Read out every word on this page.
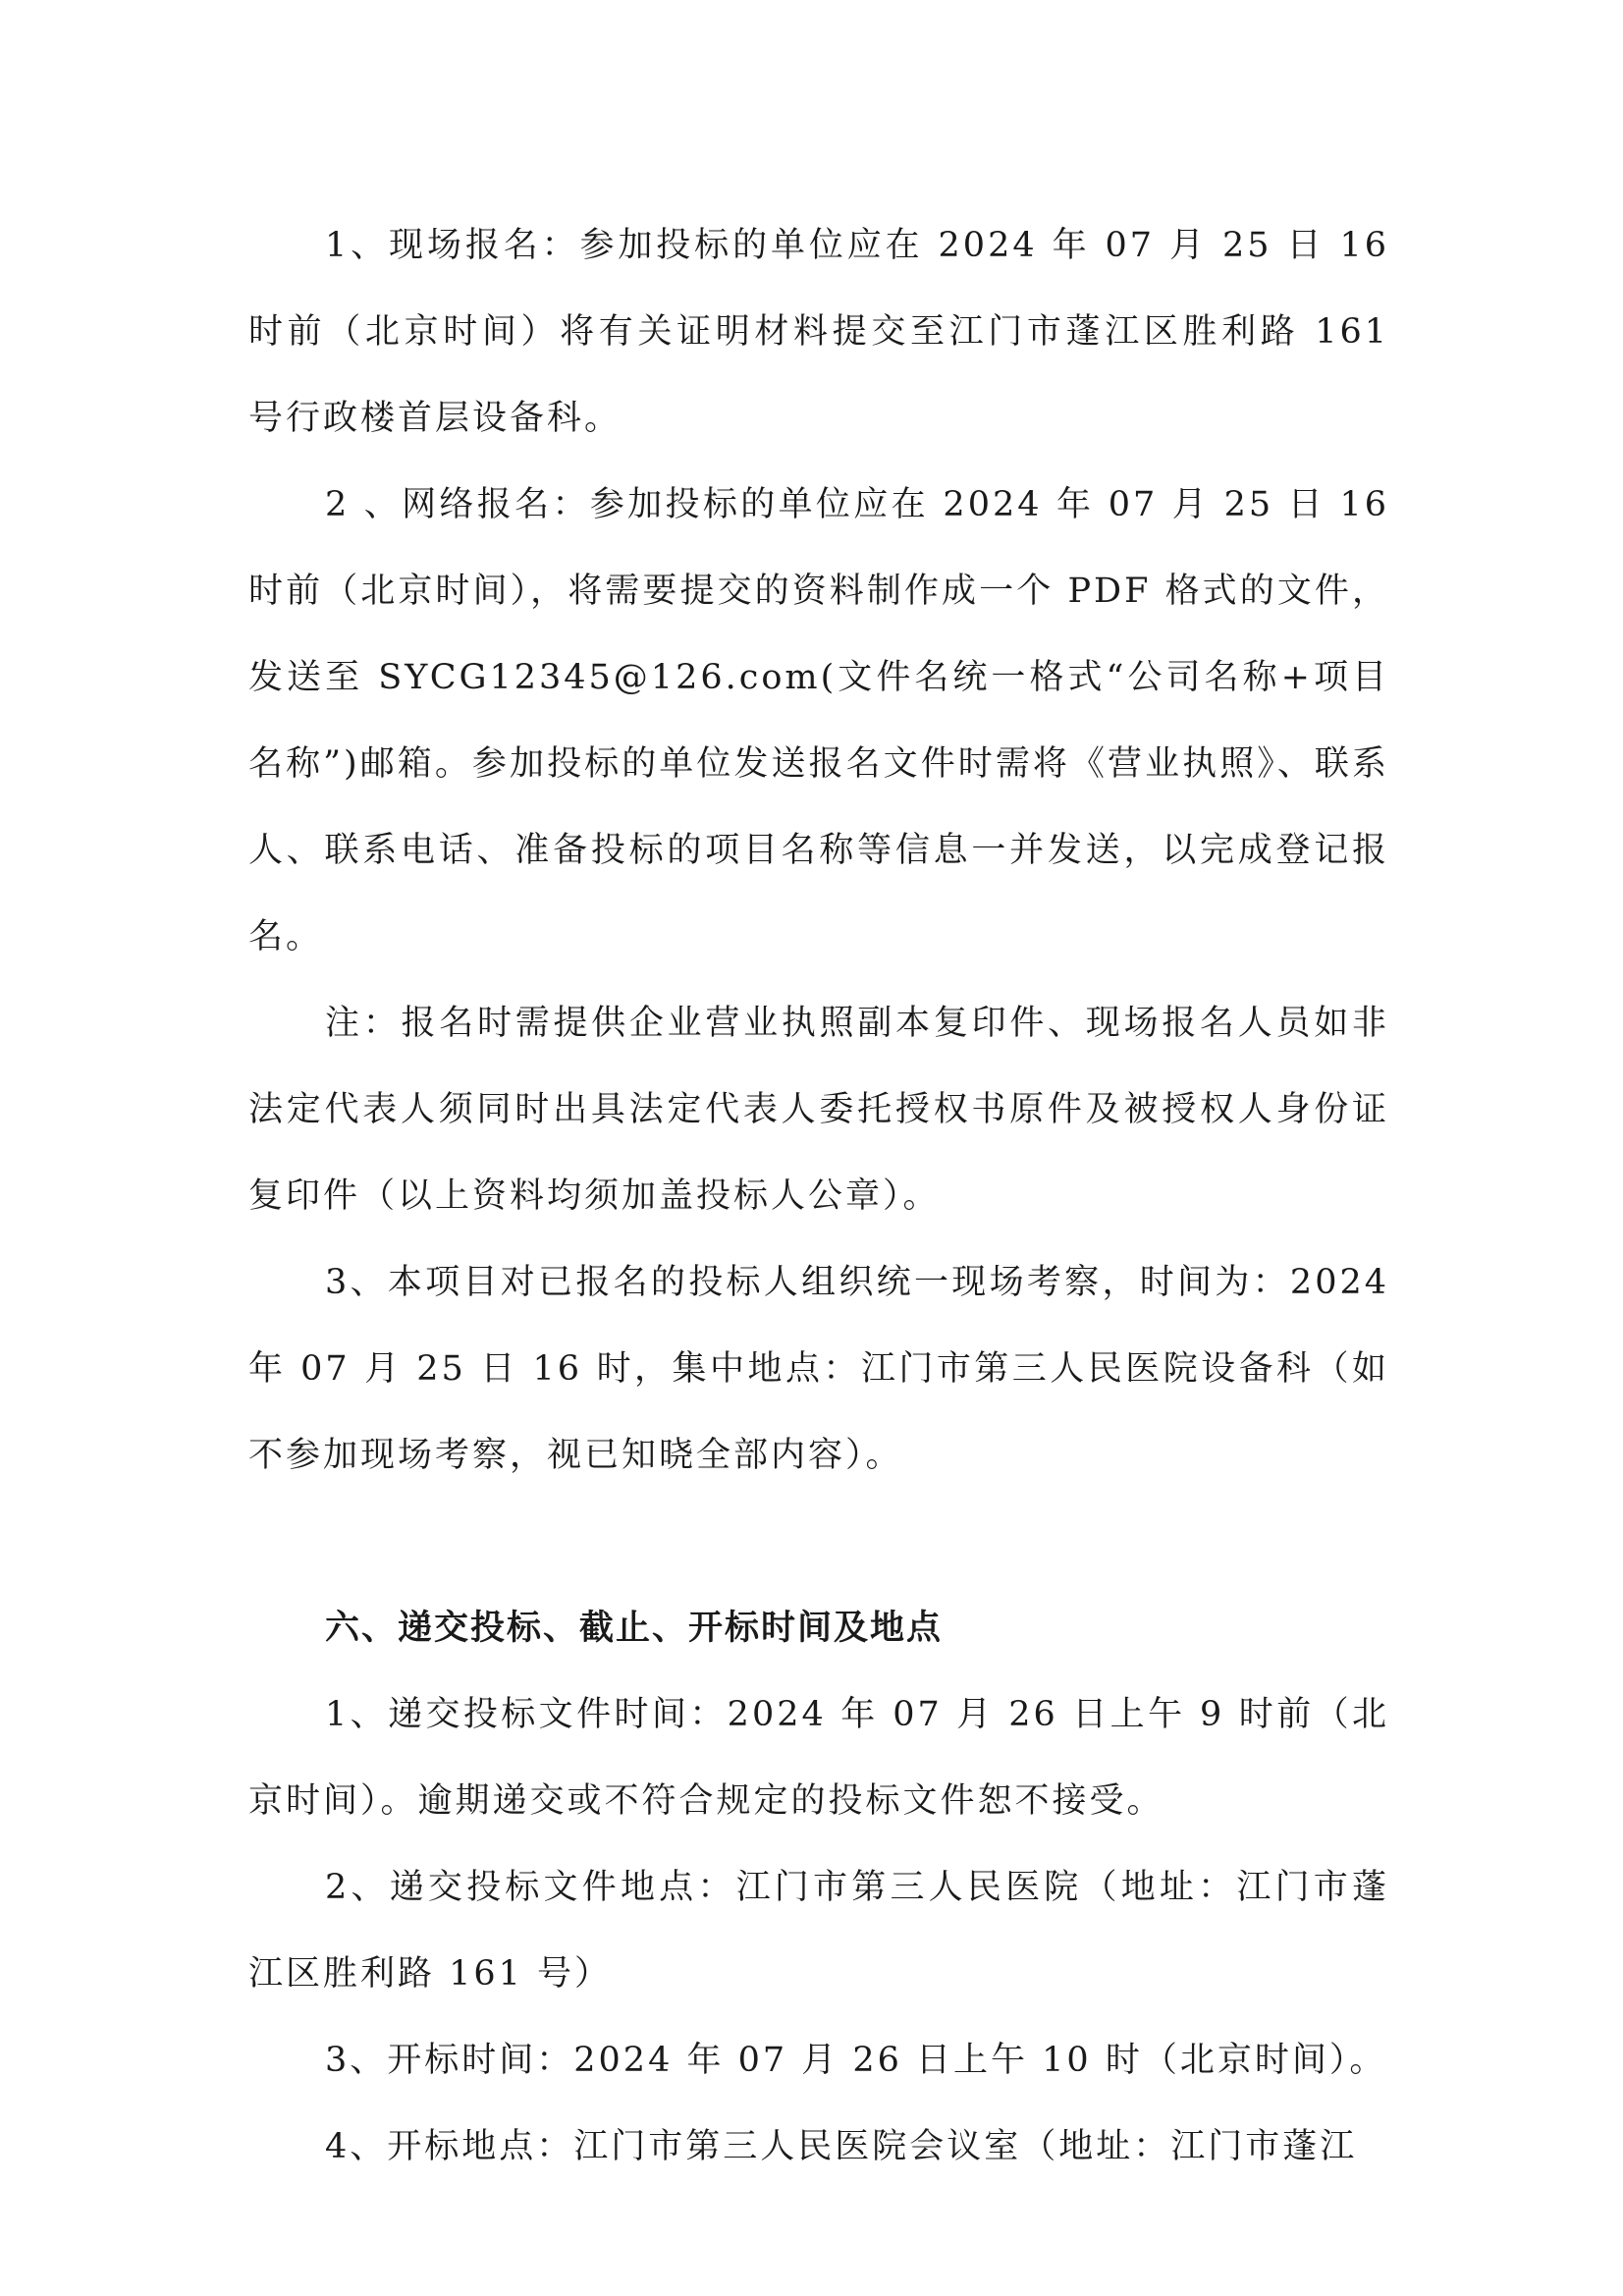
1、现场报名：参加投标的单位应在 2024 年 07 月 25 日 16 时前（北京时间）将有关证明材料提交至江门市蓬江区胜利路 161 号行政楼首层设备科。

2 、网络报名：参加投标的单位应在 2024 年 07 月 25 日 16 时前（北京时间），将需要提交的资料制作成一个 PDF 格式的文件，发送至 SYCG12345@126.com(文件名统一格式“公司名称+项目名称”)邮箱。参加投标的单位发送报名文件时需将《营业执照》、联系人、联系电话、准备投标的项目名称等信息一并发送，以完成登记报名。

注：报名时需提供企业营业执照副本复印件、现场报名人员如非法定代表人须同时出具法定代表人委托授权书原件及被授权人身份证复印件（以上资料均须加盖投标人公章）。

3、本项目对已报名的投标人组织统一现场考察，时间为：2024 年 07 月 25 日 16 时，集中地点：江门市第三人民医院设备科（如不参加现场考察，视已知晓全部内容）。

六、递交投标、截止、开标时间及地点

1、递交投标文件时间：2024 年 07 月 26 日上午 9 时前（北京时间）。逾期递交或不符合规定的投标文件恕不接受。

2、递交投标文件地点：江门市第三人民医院（地址：江门市蓬江区胜利路 161 号）

3、开标时间：2024 年 07 月 26 日上午 10 时（北京时间）。

4、开标地点：江门市第三人民医院会议室（地址：江门市蓬江
